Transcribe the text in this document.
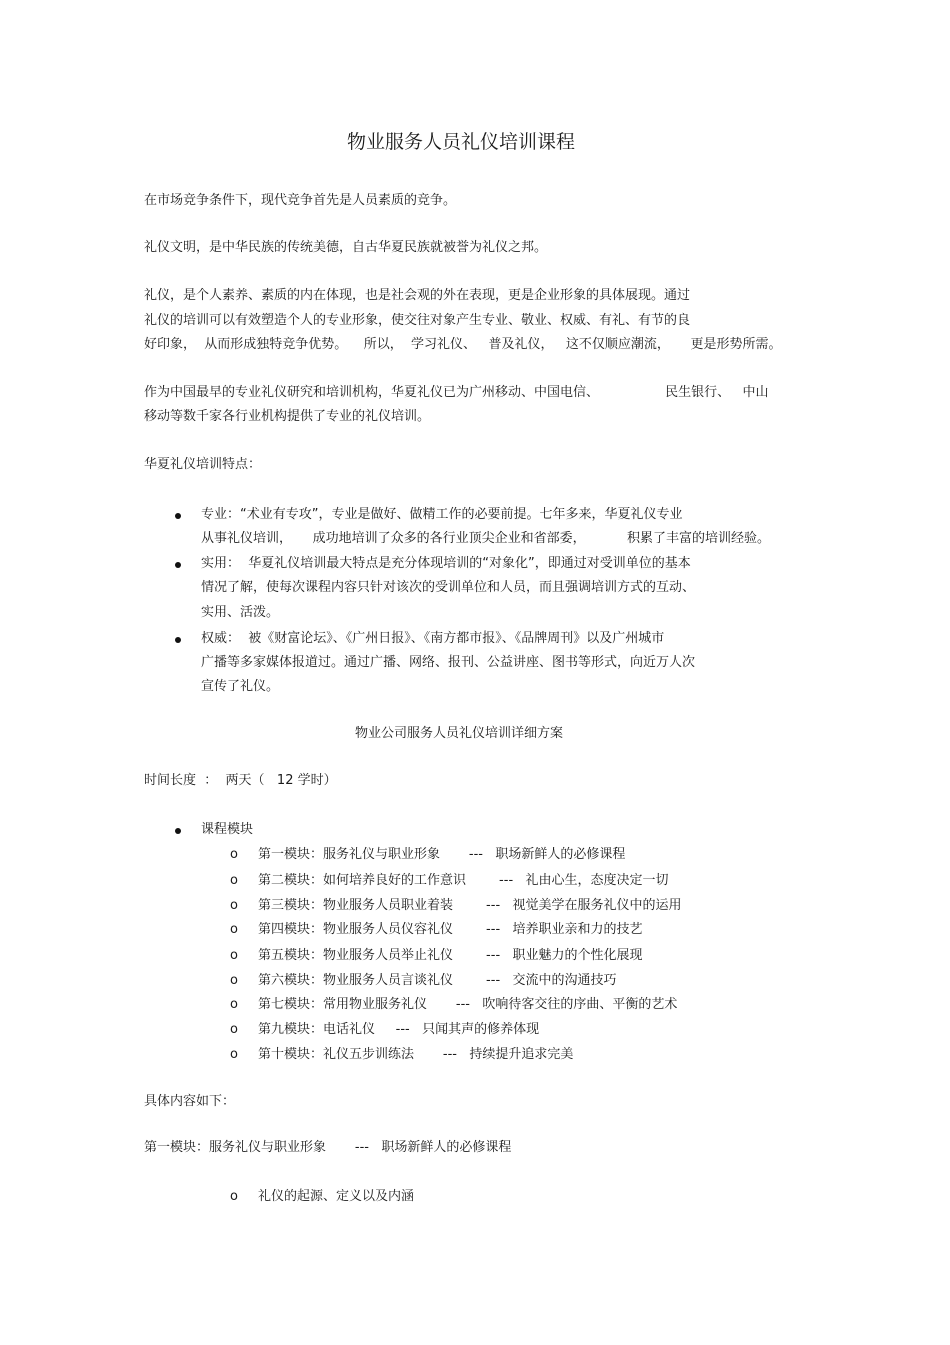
物业服务人员礼仪培训课程
在市场竞争条件下，现代竞争首先是人员素质的竞争。
礼仪文明，是中华民族的传统美德，自古华夏民族就被誉为礼仪之邦。
礼仪，是个人素养、素质的内在体现，也是社会观的外在表现，更是企业形象的具体展现。通过
礼仪的培训可以有效塑造个人的专业形象，使交往对象产生专业、敬业、权威、有礼、有节的良
好印象，  从而形成独特竞争优势。    所以，  学习礼仪、   普及礼仪，   这不仅顺应潮流，     更是形势所需。
作为中国最早的专业礼仪研究和培训机构，华夏礼仪已为广州移动、中国电信、                民生银行、   中山
移动等数千家各行业机构提供了专业的礼仪培训。
华夏礼仪培训特点：
专业：“术业有专攻”，专业是做好、做精工作的必要前提。七年多来，华夏礼仪专业
从事礼仪培训，     成功地培训了众多的各行业顶尖企业和省部委，          积累了丰富的培训经验。
实用：  华夏礼仪培训最大特点是充分体现培训的“对象化”，即通过对受训单位的基本
情况了解，使每次课程内容只针对该次的受训单位和人员，而且强调培训方式的互动、
实用、活泼。
权威：  被《财富论坛》、《广州日报》、《南方都市报》、《品牌周刊》以及广州城市
广播等多家媒体报道过。通过广播、网络、报刊、公益讲座、图书等形式，向近万人次
宣传了礼仪。
物业公司服务人员礼仪培训详细方案
时间长度  ：  两天（   12 学时）
课程模块
o 第一模块：服务礼仪与职业形象       ---   职场新鲜人的必修课程
o 第二模块：如何培养良好的工作意识        ---   礼由心生，态度决定一切
o 第三模块：物业服务人员职业着装        ---   视觉美学在服务礼仪中的运用
o 第四模块：物业服务人员仪容礼仪        ---   培养职业亲和力的技艺
o 第五模块：物业服务人员举止礼仪        ---   职业魅力的个性化展现
o 第六模块：物业服务人员言谈礼仪        ---   交流中的沟通技巧
o 第七模块：常用物业服务礼仪       ---   吹响待客交往的序曲、平衡的艺术
o 第九模块：电话礼仪     ---   只闻其声的修养体现
o 第十模块：礼仪五步训练法       ---   持续提升追求完美
具体内容如下：
第一模块：服务礼仪与职业形象       ---   职场新鲜人的必修课程
o 礼仪的起源、定义以及内涵
